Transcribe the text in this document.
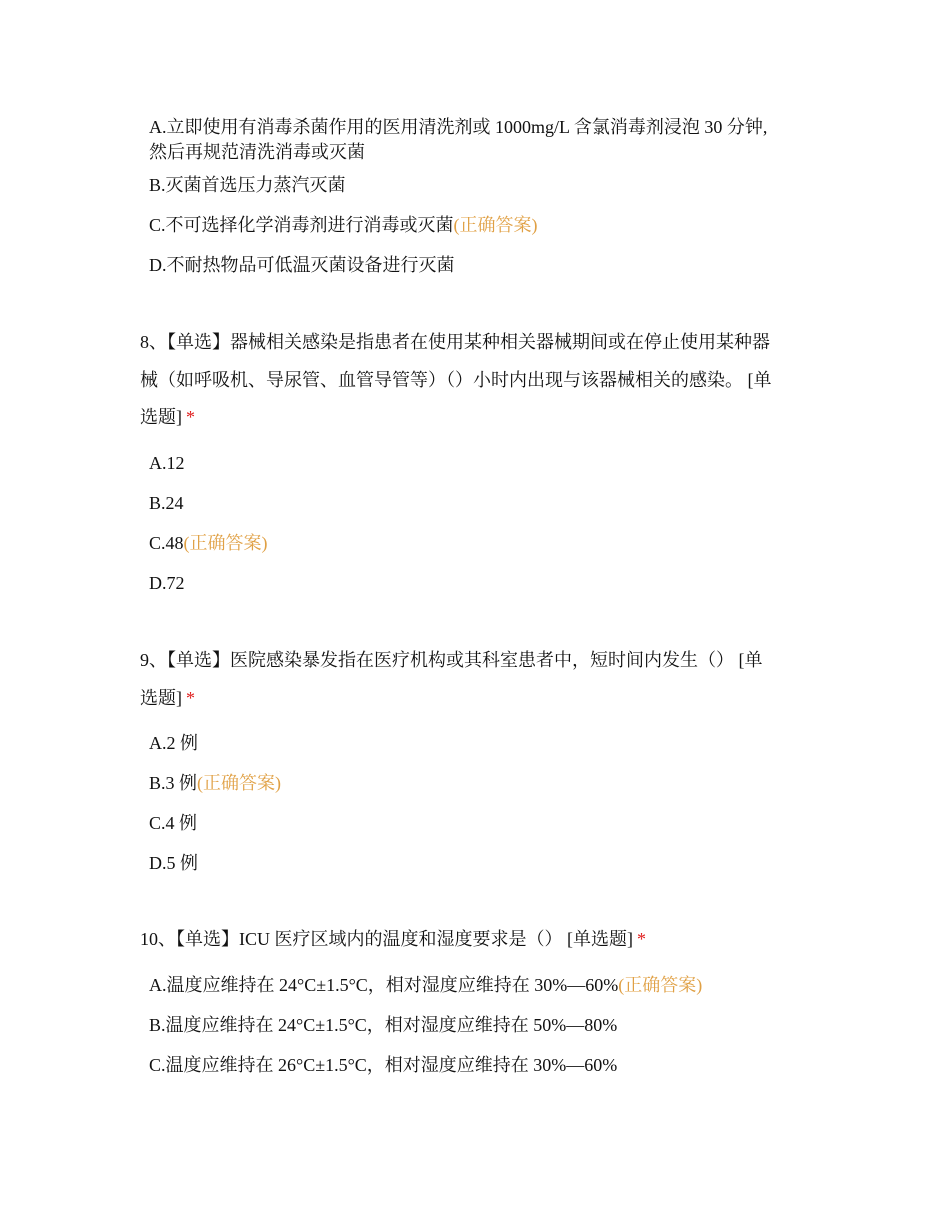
A.立即使用有消毒杀菌作用的医用清洗剂或 1000mg/L 含氯消毒剂浸泡 30 分钟,
然后再规范清洗消毒或灭菌
B.灭菌首选压力蒸汽灭菌
C.不可选择化学消毒剂进行消毒或灭菌(正确答案)
D.不耐热物品可低温灭菌设备进行灭菌
8、【单选】器械相关感染是指患者在使用某种相关器械期间或在停止使用某种器
械（如呼吸机、导尿管、血管导管等）（）小时内出现与该器械相关的感染。 [单
选题] *
A.12
B.24
C.48(正确答案)
D.72
9、【单选】医院感染暴发指在医疗机构或其科室患者中，短时间内发生（） [单
选题] *
A.2 例
B.3 例(正确答案)
C.4 例
D.5 例
10、【单选】ICU 医疗区域内的温度和湿度要求是（） [单选题] *
A.温度应维持在 24°C±1.5°C，相对湿度应维持在 30%—60%(正确答案)
B.温度应维持在 24°C±1.5°C，相对湿度应维持在 50%—80%
C.温度应维持在 26°C±1.5°C，相对湿度应维持在 30%—60%
